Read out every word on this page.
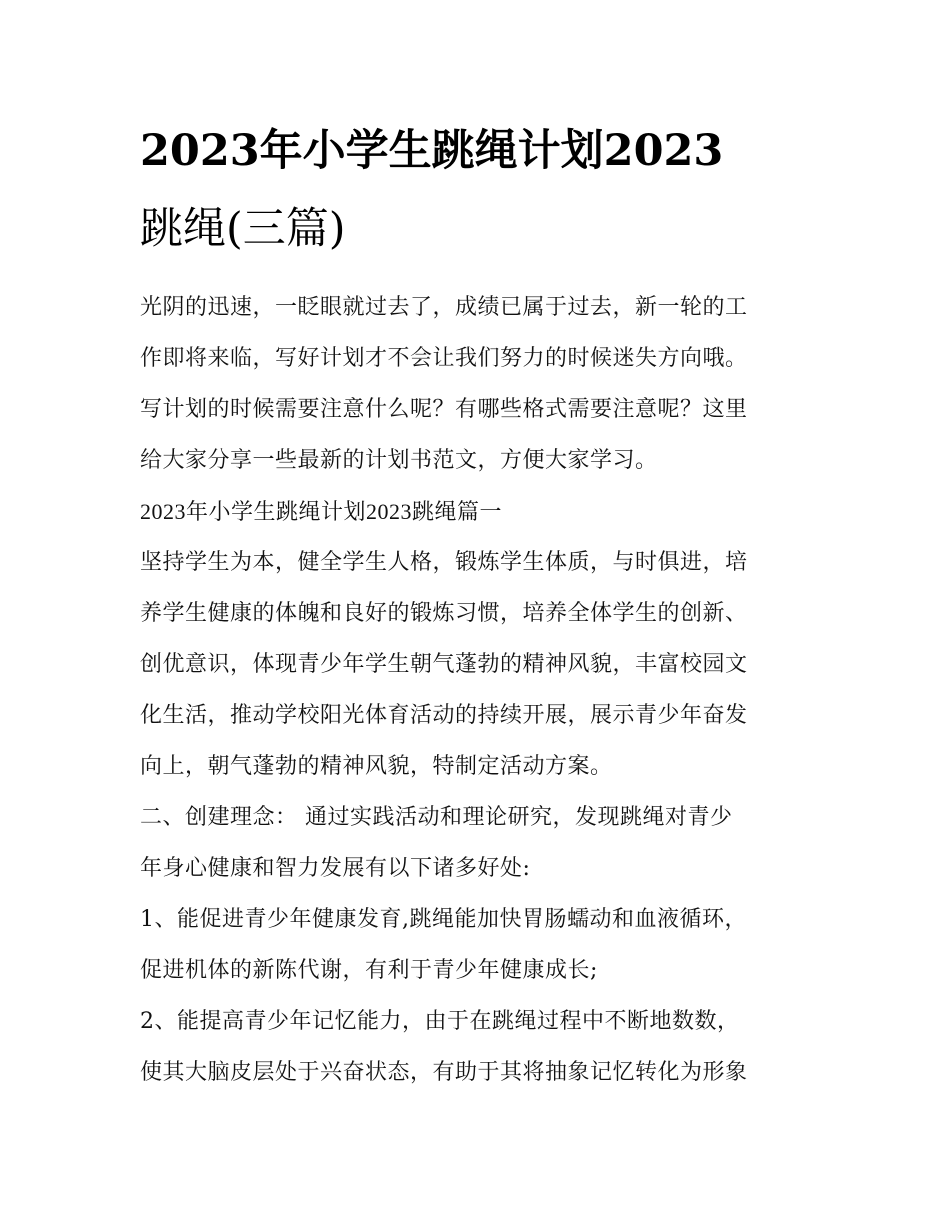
2023年小学生跳绳计划2023
跳绳(三篇)

光阴的迅速，一眨眼就过去了，成绩已属于过去，新一轮的工
作即将来临，写好计划才不会让我们努力的时候迷失方向哦。
写计划的时候需要注意什么呢？有哪些格式需要注意呢？这里
给大家分享一些最新的计划书范文，方便大家学习。

2023年小学生跳绳计划2023跳绳篇一

坚持学生为本，健全学生人格，锻炼学生体质，与时俱进，培
养学生健康的体魄和良好的锻炼习惯，培养全体学生的创新、
创优意识，体现青少年学生朝气蓬勃的精神风貌，丰富校园文
化生活，推动学校阳光体育活动的持续开展，展示青少年奋发
向上，朝气蓬勃的精神风貌，特制定活动方案。

二、创建理念： 通过实践活动和理论研究，发现跳绳对青少
年身心健康和智力发展有以下诸多好处:

1、能促进青少年健康发育,跳绳能加快胃肠蠕动和血液循环，
促进机体的新陈代谢，有利于青少年健康成长;

2、能提高青少年记忆能力，由于在跳绳过程中不断地数数，
使其大脑皮层处于兴奋状态，有助于其将抽象记忆转化为形象
